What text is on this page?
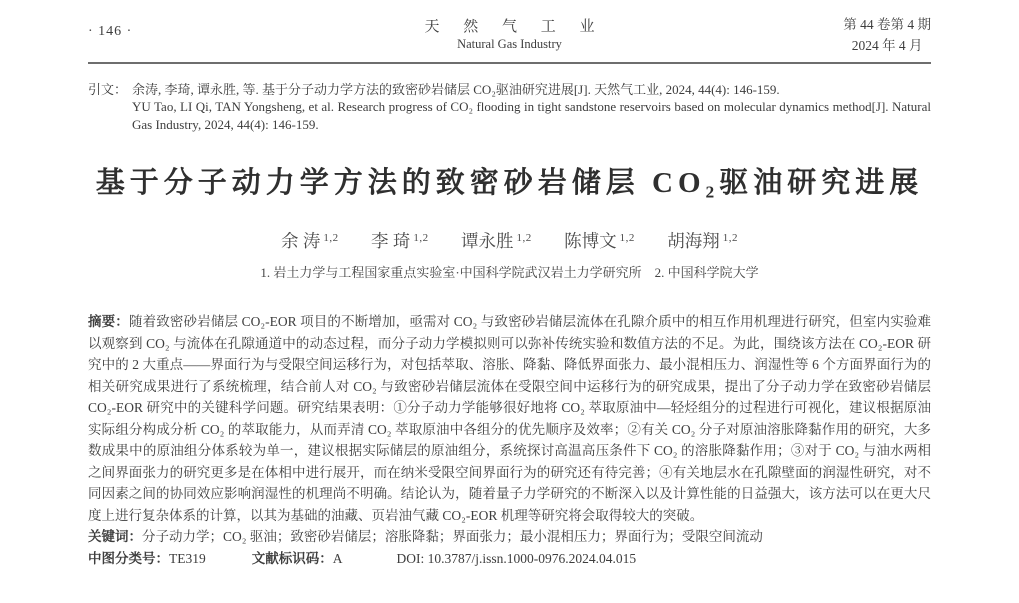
· 146 ·	天 然 气 工 业
Natural Gas Industry
第 44 卷第 4 期
2024 年 4 月
引文： 余涛, 李琦, 谭永胜, 等. 基于分子动力学方法的致密砂岩储层 CO₂驱油研究进展[J]. 天然气工业, 2024, 44(4): 146-159.

YU Tao, LI Qi, TAN Yongsheng, et al. Research progress of CO₂ flooding in tight sandstone reservoirs based on molecular dynamics method[J]. Natural Gas Industry, 2024, 44(4): 146-159.

基于分子动力学方法的致密砂岩储层 CO₂驱油研究进展
余 涛 $^{1,2}$ 李 琦 $^{1,2}$ 谭永胜 $^{1,2}$ 陈博文 $^{1,2}$ 胡海翔 $^{1,2}$
1. 岩土力学与工程国家重点实验室·中国科学院武汉岩土力学研究所　2. 中国科学院大学
摘要：随着致密砂岩储层 CO₂-EOR 项目的不断增加，亟需对 CO₂ 与致密砂岩储层流体在孔隙介质中的相互作用机理进行研究，但室内实验难以观察到 CO₂ 与流体在孔隙通道中的动态过程，而分子动力学模拟则可以弥补传统实验和数值方法的不足。为此，围绕该方法在 CO₂-EOR 研究中的 2 大重点——界面行为与受限空间运移行为，对包括萃取、溶胀、降黏、降低界面张力、最小混相压力、润湿性等 6 个方面界面行为的相关研究成果进行了系统梳理，结合前人对 CO₂ 与致密砂岩储层流体在受限空间中运移行为的研究成果，提出了分子动力学在致密砂岩储层 CO₂-EOR 研究中的关键科学问题。研究结果表明：①分子动力学能够很好地将 CO₂ 萃取原油中—轻烃组分的过程进行可视化，建议根据原油实际组分构成分析 CO₂ 的萃取能力，从而弄清 CO₂ 萃取原油中各组分的优先顺序及效率；②有关 CO₂ 分子对原油溶胀降黏作用的研究，大多数成果中的原油组分体系较为单一，建议根据实际储层的原油组分，系统探讨高温高压条件下 CO₂ 的溶胀降黏作用；③对于 CO₂ 与油水两相之间界面张力的研究更多是在体相中进行展开，而在纳米受限空间界面行为的研究还有待完善；④有关地层水在孔隙壁面的润湿性研究，对不同因素之间的协同效应影响润湿性的机理尚不明确。结论认为，随着量子力学研究的不断深入以及计算性能的日益强大，该方法可以在更大尺度上进行复杂体系的计算，以其为基础的油藏、页岩油气藏 CO₂-EOR 机理等研究将会取得较大的突破。
关键词：分子动力学；CO₂ 驱油；致密砂岩储层；溶胀降黏；界面张力；最小混相压力；界面行为；受限空间流动
中图分类号：TE319	文献标识码：A	DOI: 10.3787/j.issn.1000-0976.2024.04.015
